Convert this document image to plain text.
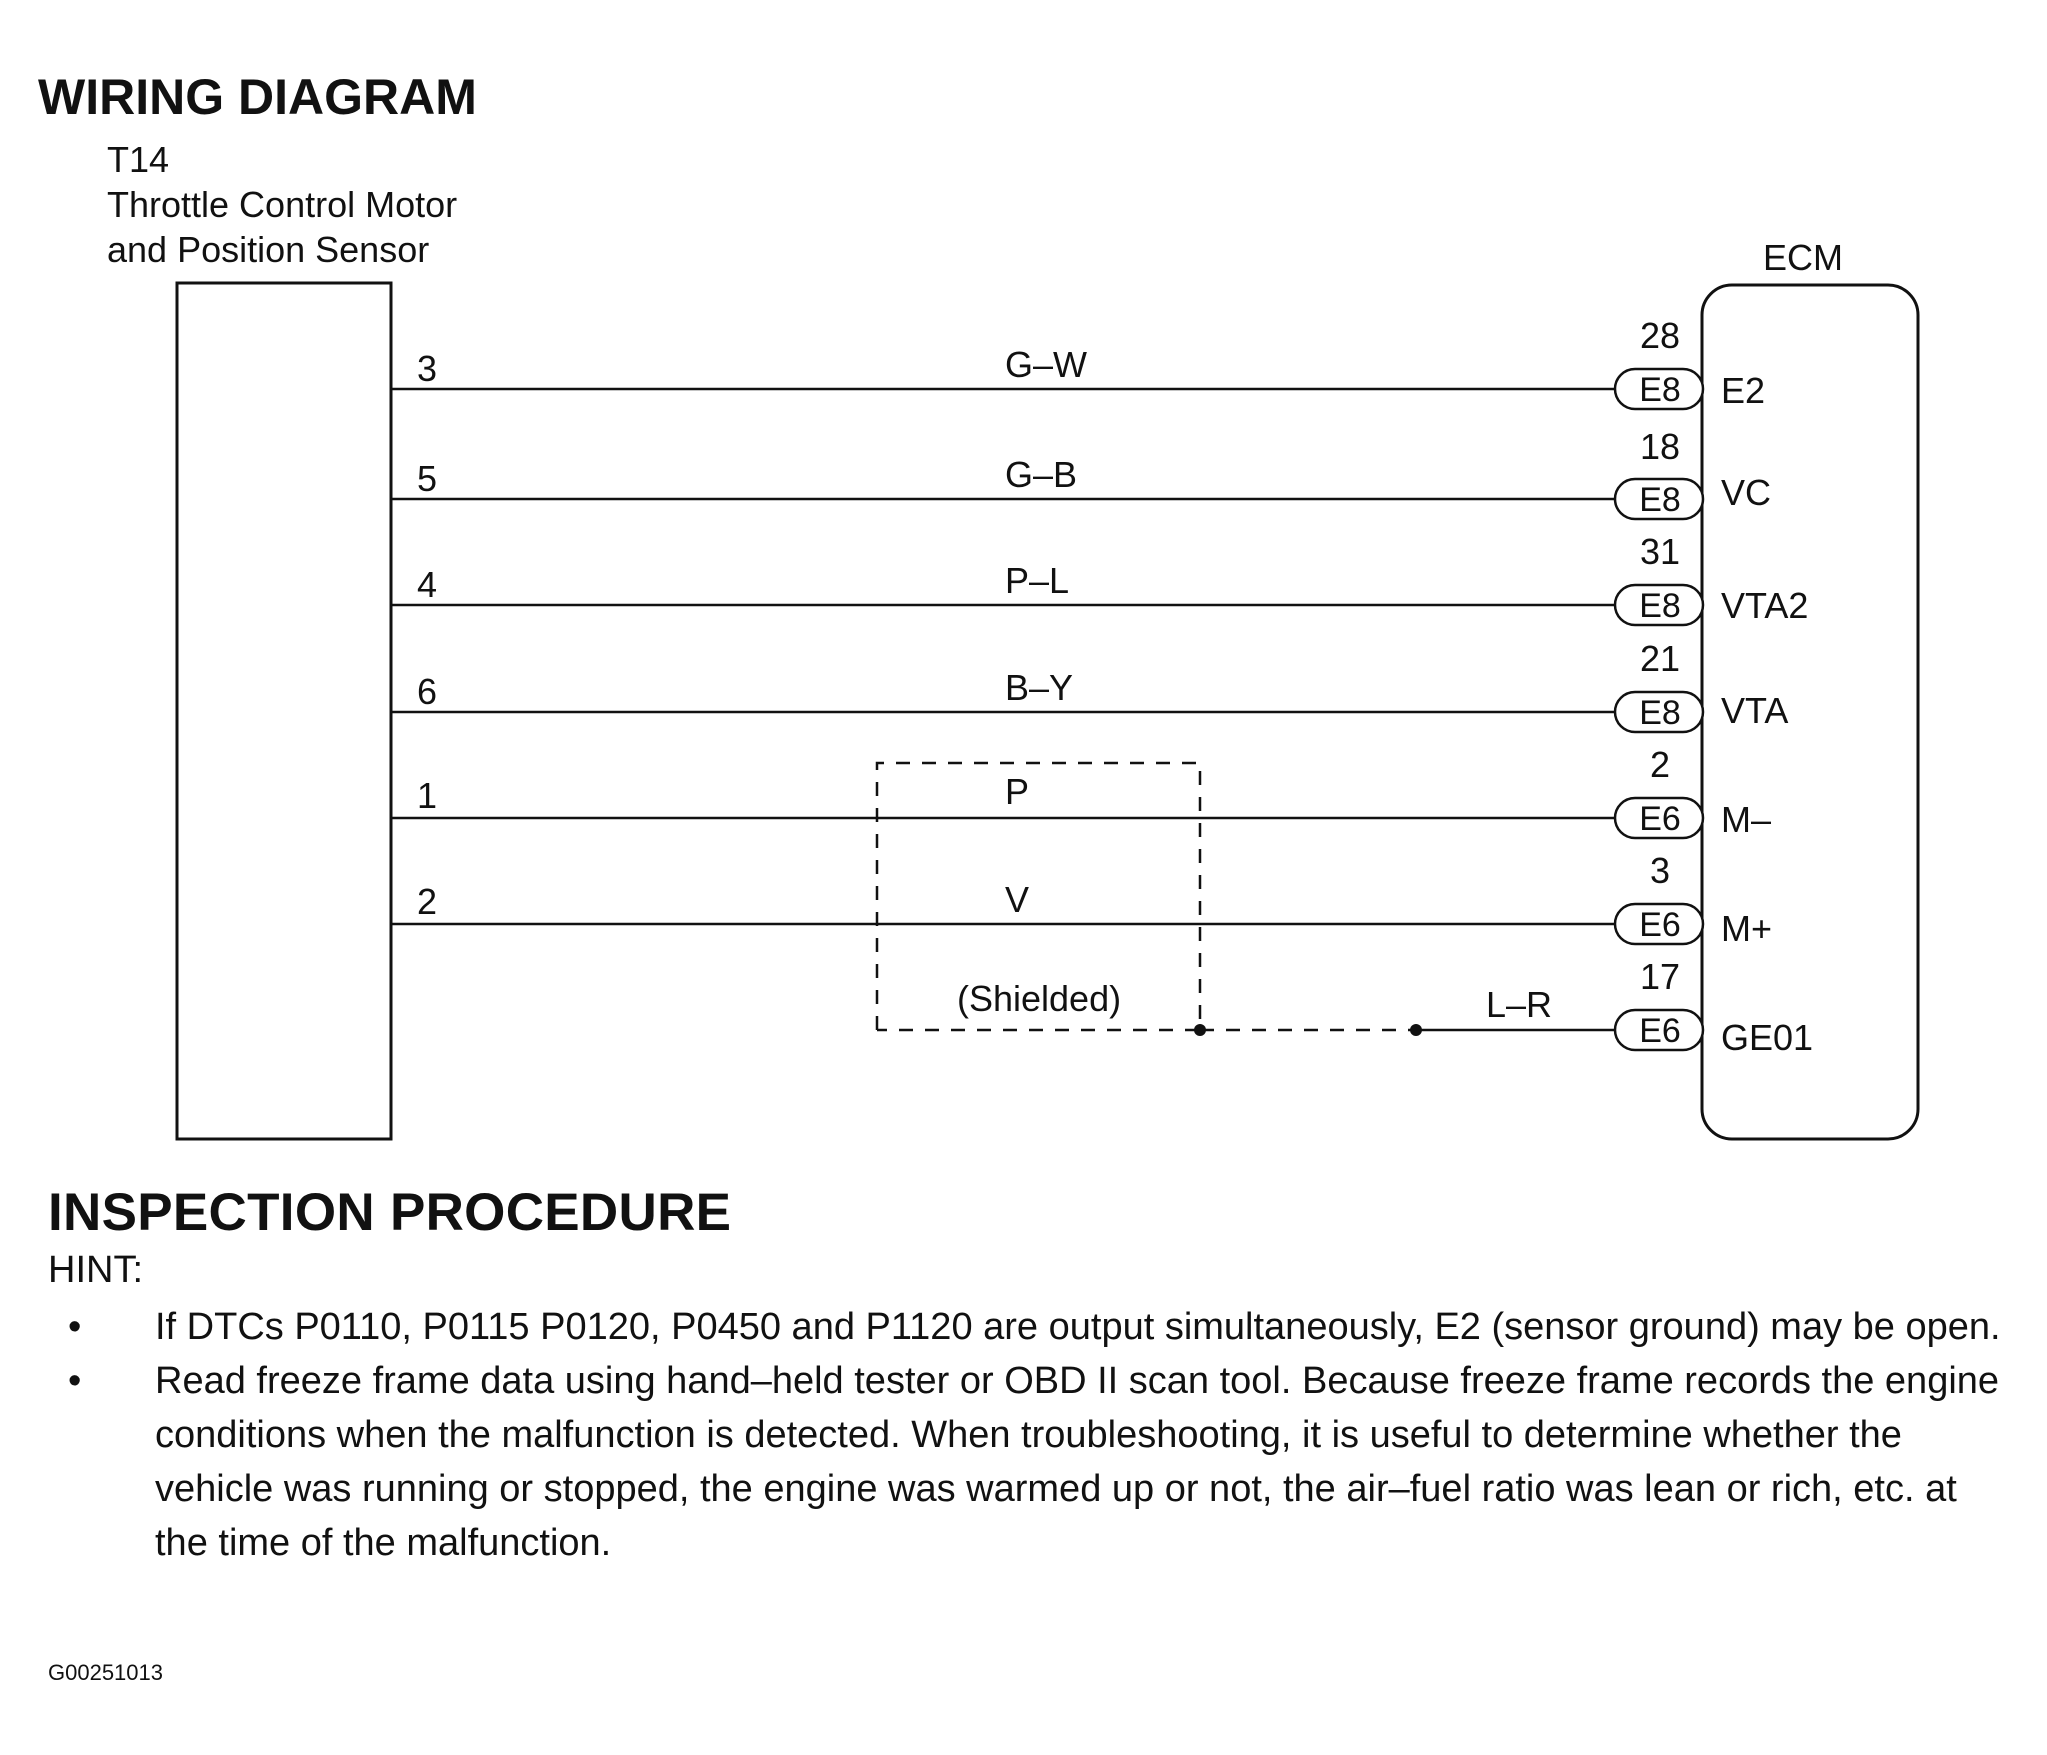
WIRING DIAGRAM
T14
Throttle Control Motor
and Position Sensor	ECM
3	G–W
28
E8 E2
5	G–B
18
E8 VC
4	P–L
31
E8 VTA2
6	B–Y
21
E8 VTA
1	P
2
E6 M–
2	V
3
E6 M+
(Shielded)	L–R
17
E6 GE01
INSPECTION PROCEDURE
HINT:
• If DTCs P0110, P0115 P0120, P0450 and P1120 are output simultaneously, E2 (sensor ground) may be open.
• Read freeze frame data using hand–held tester or OBD II scan tool. Because freeze frame records the engine conditions when the malfunction is detected. When troubleshooting, it is useful to determine whether the vehicle was running or stopped, the engine was warmed up or not, the air–fuel ratio was lean or rich, etc. at the time of the malfunction.
G00251013
